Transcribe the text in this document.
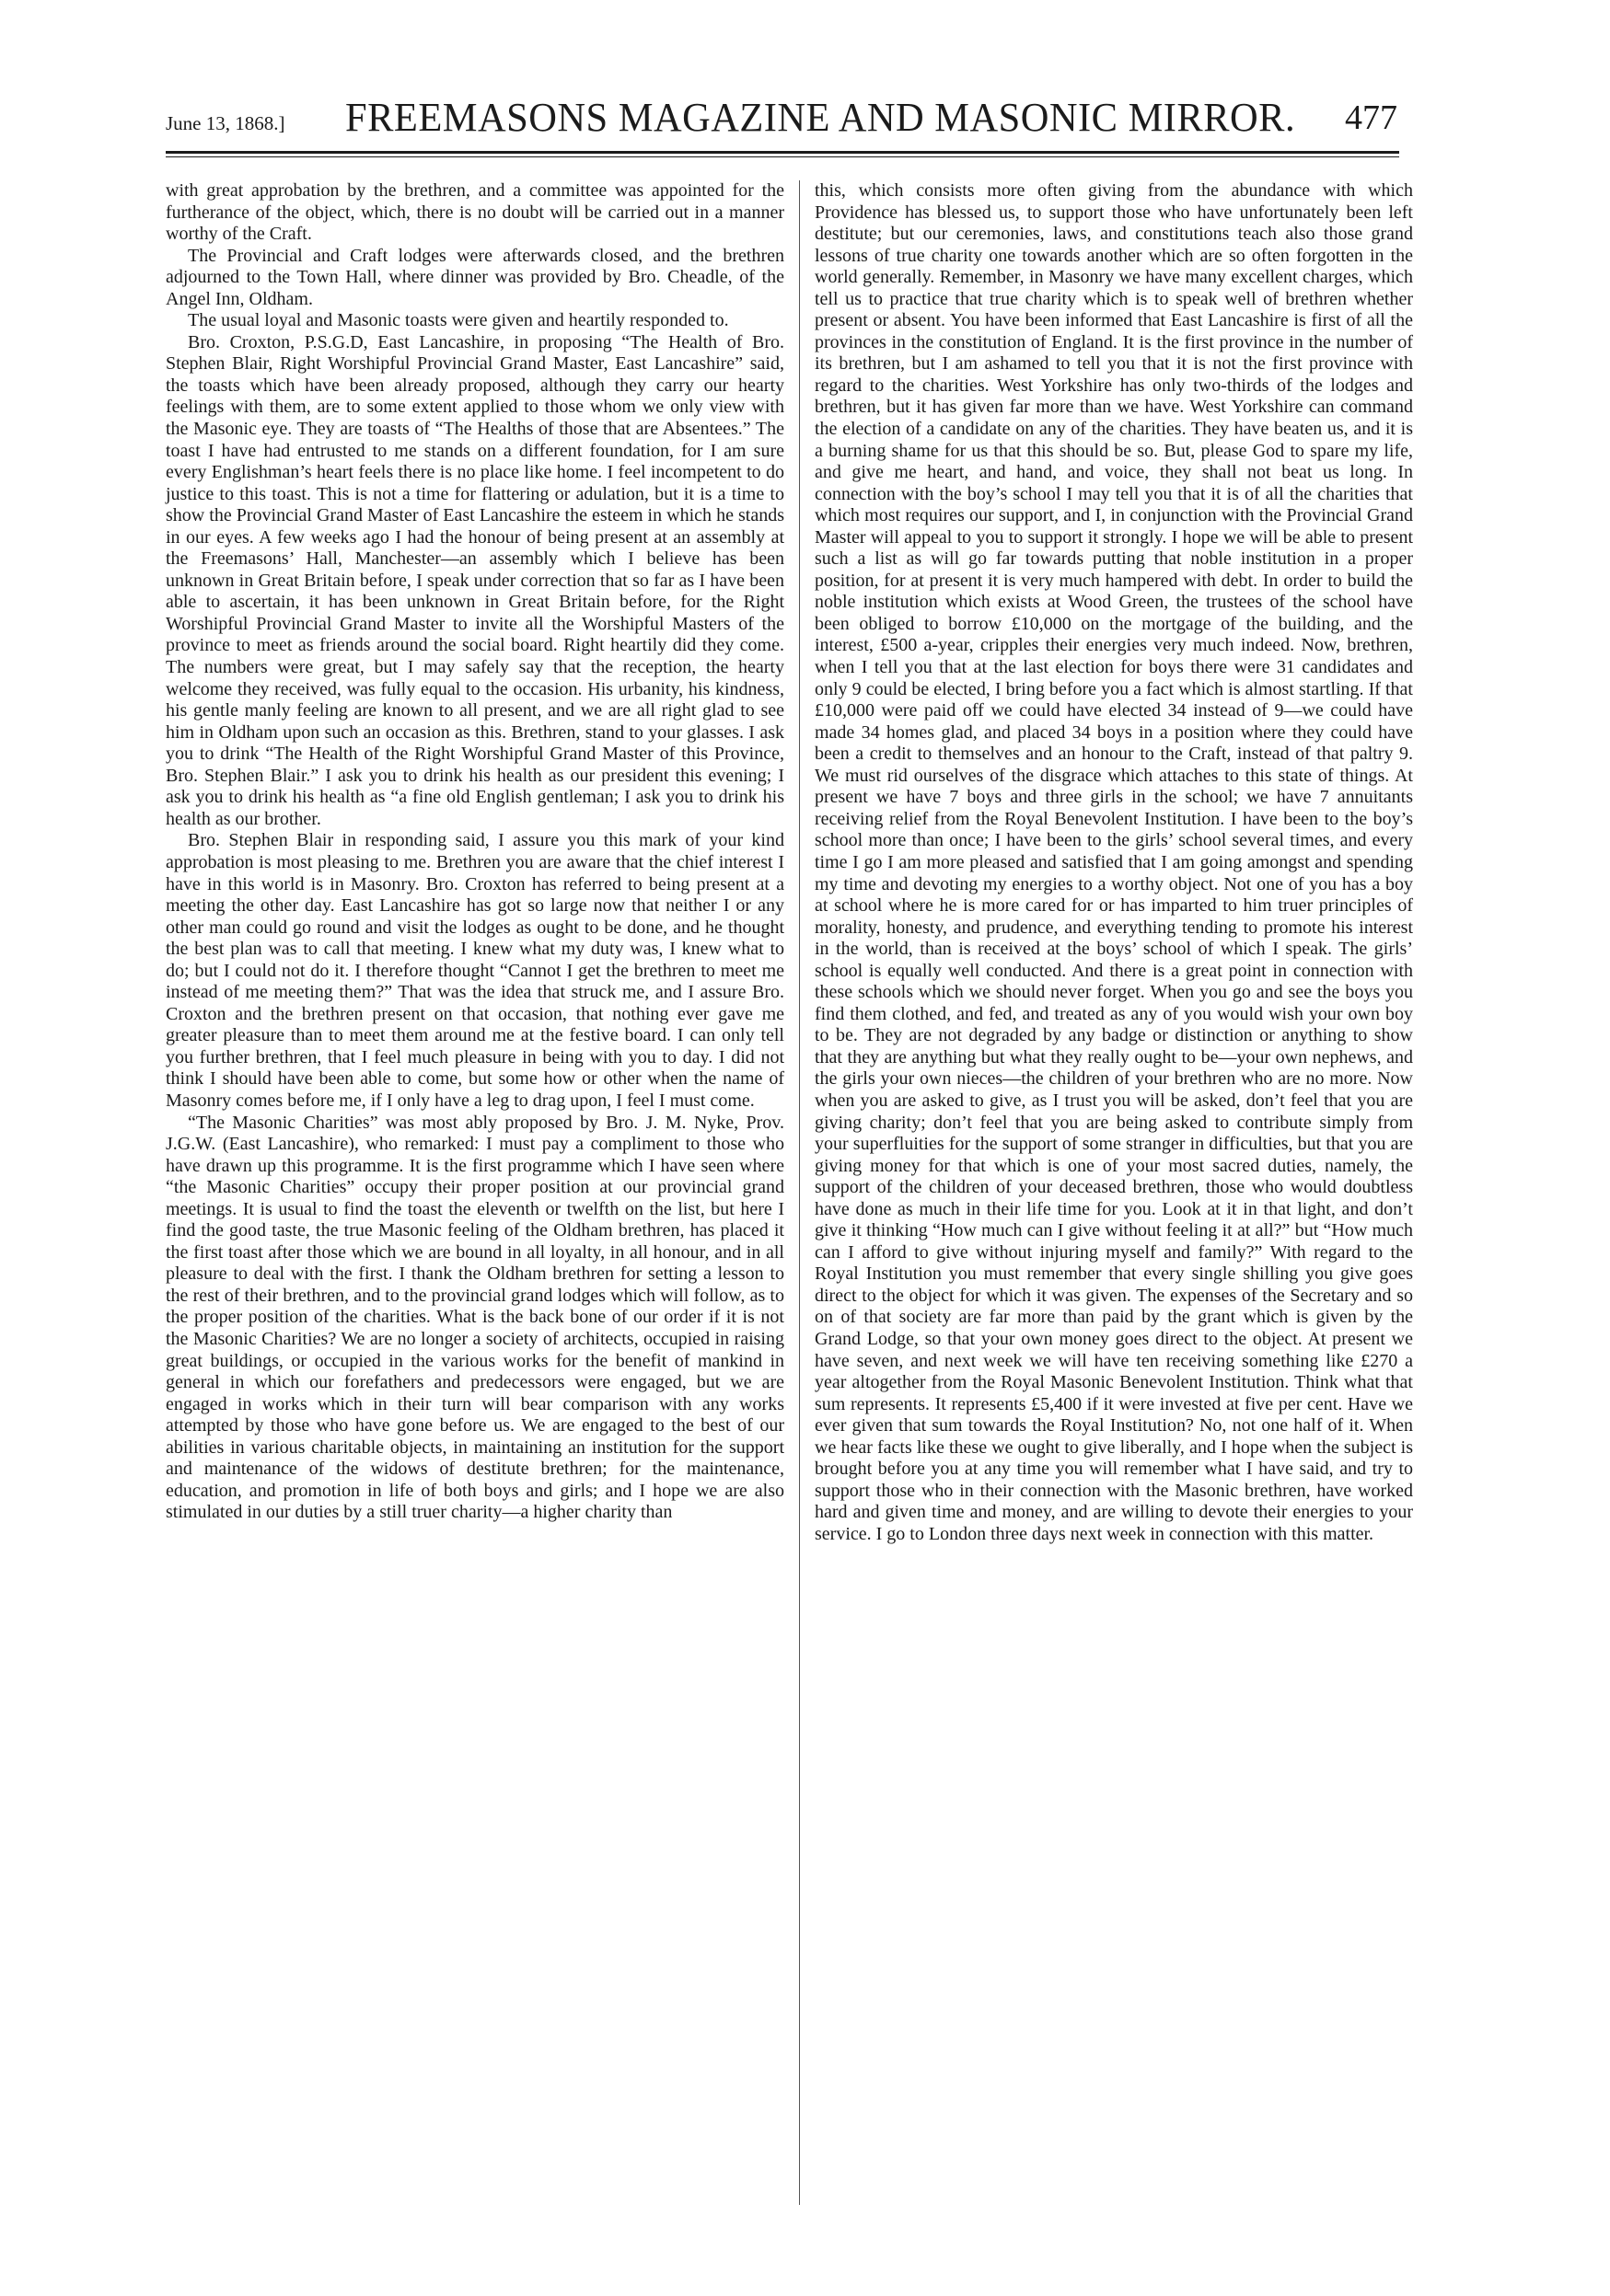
June 13, 1868.] FREEMASONS MAGAZINE AND MASONIC MIRROR. 477

with great approbation by the brethren, and a committee was appointed for the furtherance of the object, which, there is no doubt will be carried out in a manner worthy of the Craft.

The Provincial and Craft lodges were afterwards closed, and the brethren adjourned to the Town Hall, where dinner was provided by Bro. Cheadle, of the Angel Inn, Oldham.

The usual loyal and Masonic toasts were given and heartily responded to.

Bro. Croxton, P.S.G.D, East Lancashire, in proposing “The Health of Bro. Stephen Blair, Right Worshipful Provincial Grand Master, East Lancashire” said, the toasts which have been already proposed, although they carry our hearty feelings with them, are to some extent applied to those whom we only view with the Masonic eye. They are toasts of “The Healths of those that are Absentees.” The toast I have had entrusted to me stands on a different foundation, for I am sure every Englishman’s heart feels there is no place like home. I feel incompetent to do justice to this toast. This is not a time for flattering or adulation, but it is a time to show the Provincial Grand Master of East Lancashire the esteem in which he stands in our eyes. A few weeks ago I had the honour of being present at an assembly at the Freemasons’ Hall, Manchester—an assembly which I believe has been unknown in Great Britain before, I speak under correction that so far as I have been able to ascertain, it has been unknown in Great Britain before, for the Right Worshipful Provincial Grand Master to invite all the Worshipful Masters of the province to meet as friends around the social board. Right heartily did they come. The numbers were great, but I may safely say that the reception, the hearty welcome they received, was fully equal to the occasion. His urbanity, his kindness, his gentle manly feeling are known to all present, and we are all right glad to see him in Oldham upon such an occasion as this. Brethren, stand to your glasses. I ask you to drink “The Health of the Right Worshipful Grand Master of this Province, Bro. Stephen Blair.” I ask you to drink his health as our president this evening; I ask you to drink his health as “a fine old English gentleman; I ask you to drink his health as our brother.

Bro. Stephen Blair in responding said, I assure you this mark of your kind approbation is most pleasing to me. Brethren you are aware that the chief interest I have in this world is in Masonry. Bro. Croxton has referred to being present at a meeting the other day. East Lancashire has got so large now that neither I or any other man could go round and visit the lodges as ought to be done, and he thought the best plan was to call that meeting. I knew what my duty was, I knew what to do; but I could not do it. I therefore thought “Cannot I get the brethren to meet me instead of me meeting them?” That was the idea that struck me, and I assure Bro. Croxton and the brethren present on that occasion, that nothing ever gave me greater pleasure than to meet them around me at the festive board. I can only tell you further brethren, that I feel much pleasure in being with you to day. I did not think I should have been able to come, but some how or other when the name of Masonry comes before me, if I only have a leg to drag upon, I feel I must come.

“The Masonic Charities” was most ably proposed by Bro. J. M. Nyke, Prov. J.G.W. (East Lancashire), who remarked: I must pay a compliment to those who have drawn up this programme. It is the first programme which I have seen where “the Masonic Charities” occupy their proper position at our provincial grand meetings. It is usual to find the toast the eleventh or twelfth on the list, but here I find the good taste, the true Masonic feeling of the Oldham brethren, has placed it the first toast after those which we are bound in all loyalty, in all honour, and in all pleasure to deal with the first. I thank the Oldham brethren for setting a lesson to the rest of their brethren, and to the provincial grand lodges which will follow, as to the proper position of the charities. What is the back bone of our order if it is not the Masonic Charities? We are no longer a society of architects, occupied in raising great buildings, or occupied in the various works for the benefit of mankind in general in which our forefathers and predecessors were engaged, but we are engaged in works which in their turn will bear comparison with any works attempted by those who have gone before us. We are engaged to the best of our abilities in various charitable objects, in maintaining an institution for the support and maintenance of the widows of destitute brethren; for the maintenance, education, and promotion in life of both boys and girls; and I hope we are also stimulated in our duties by a still truer charity—a higher charity than

this, which consists more often giving from the abundance with which Providence has blessed us, to support those who have unfortunately been left destitute; but our ceremonies, laws, and constitutions teach also those grand lessons of true charity one towards another which are so often forgotten in the world generally. Remember, in Masonry we have many excellent charges, which tell us to practice that true charity which is to speak well of brethren whether present or absent. You have been informed that East Lancashire is first of all the provinces in the constitution of England. It is the first province in the number of its brethren, but I am ashamed to tell you that it is not the first province with regard to the charities. West Yorkshire has only two-thirds of the lodges and brethren, but it has given far more than we have. West Yorkshire can command the election of a candidate on any of the charities. They have beaten us, and it is a burning shame for us that this should be so. But, please God to spare my life, and give me heart, and hand, and voice, they shall not beat us long. In connection with the boy’s school I may tell you that it is of all the charities that which most requires our support, and I, in conjunction with the Provincial Grand Master will appeal to you to support it strongly. I hope we will be able to present such a list as will go far towards putting that noble institution in a proper position, for at present it is very much hampered with debt. In order to build the noble institution which exists at Wood Green, the trustees of the school have been obliged to borrow £10,000 on the mortgage of the building, and the interest, £500 a-year, cripples their energies very much indeed. Now, brethren, when I tell you that at the last election for boys there were 31 candidates and only 9 could be elected, I bring before you a fact which is almost startling. If that £10,000 were paid off we could have elected 34 instead of 9—we could have made 34 homes glad, and placed 34 boys in a position where they could have been a credit to themselves and an honour to the Craft, instead of that paltry 9. We must rid ourselves of the disgrace which attaches to this state of things. At present we have 7 boys and three girls in the school; we have 7 annuitants receiving relief from the Royal Benevolent Institution. I have been to the boy’s school more than once; I have been to the girls’ school several times, and every time I go I am more pleased and satisfied that I am going amongst and spending my time and devoting my energies to a worthy object. Not one of you has a boy at school where he is more cared for or has imparted to him truer principles of morality, honesty, and prudence, and everything tending to promote his interest in the world, than is received at the boys’ school of which I speak. The girls’ school is equally well conducted. And there is a great point in connection with these schools which we should never forget. When you go and see the boys you find them clothed, and fed, and treated as any of you would wish your own boy to be. They are not degraded by any badge or distinction or anything to show that they are anything but what they really ought to be—your own nephews, and the girls your own nieces—the children of your brethren who are no more. Now when you are asked to give, as I trust you will be asked, don’t feel that you are giving charity; don’t feel that you are being asked to contribute simply from your superfluities for the support of some stranger in difficulties, but that you are giving money for that which is one of your most sacred duties, namely, the support of the children of your deceased brethren, those who would doubtless have done as much in their life time for you. Look at it in that light, and don’t give it thinking “How much can I give without feeling it at all?” but “How much can I afford to give without injuring myself and family?” With regard to the Royal Institution you must remember that every single shilling you give goes direct to the object for which it was given. The expenses of the Secretary and so on of that society are far more than paid by the grant which is given by the Grand Lodge, so that your own money goes direct to the object. At present we have seven, and next week we will have ten receiving something like £270 a year altogether from the Royal Masonic Benevolent Institution. Think what that sum represents. It represents £5,400 if it were invested at five per cent. Have we ever given that sum towards the Royal Institution? No, not one half of it. When we hear facts like these we ought to give liberally, and I hope when the subject is brought before you at any time you will remember what I have said, and try to support those who in their connection with the Masonic brethren, have worked hard and given time and money, and are willing to devote their energies to your service. I go to London three days next week in connection with this matter.
